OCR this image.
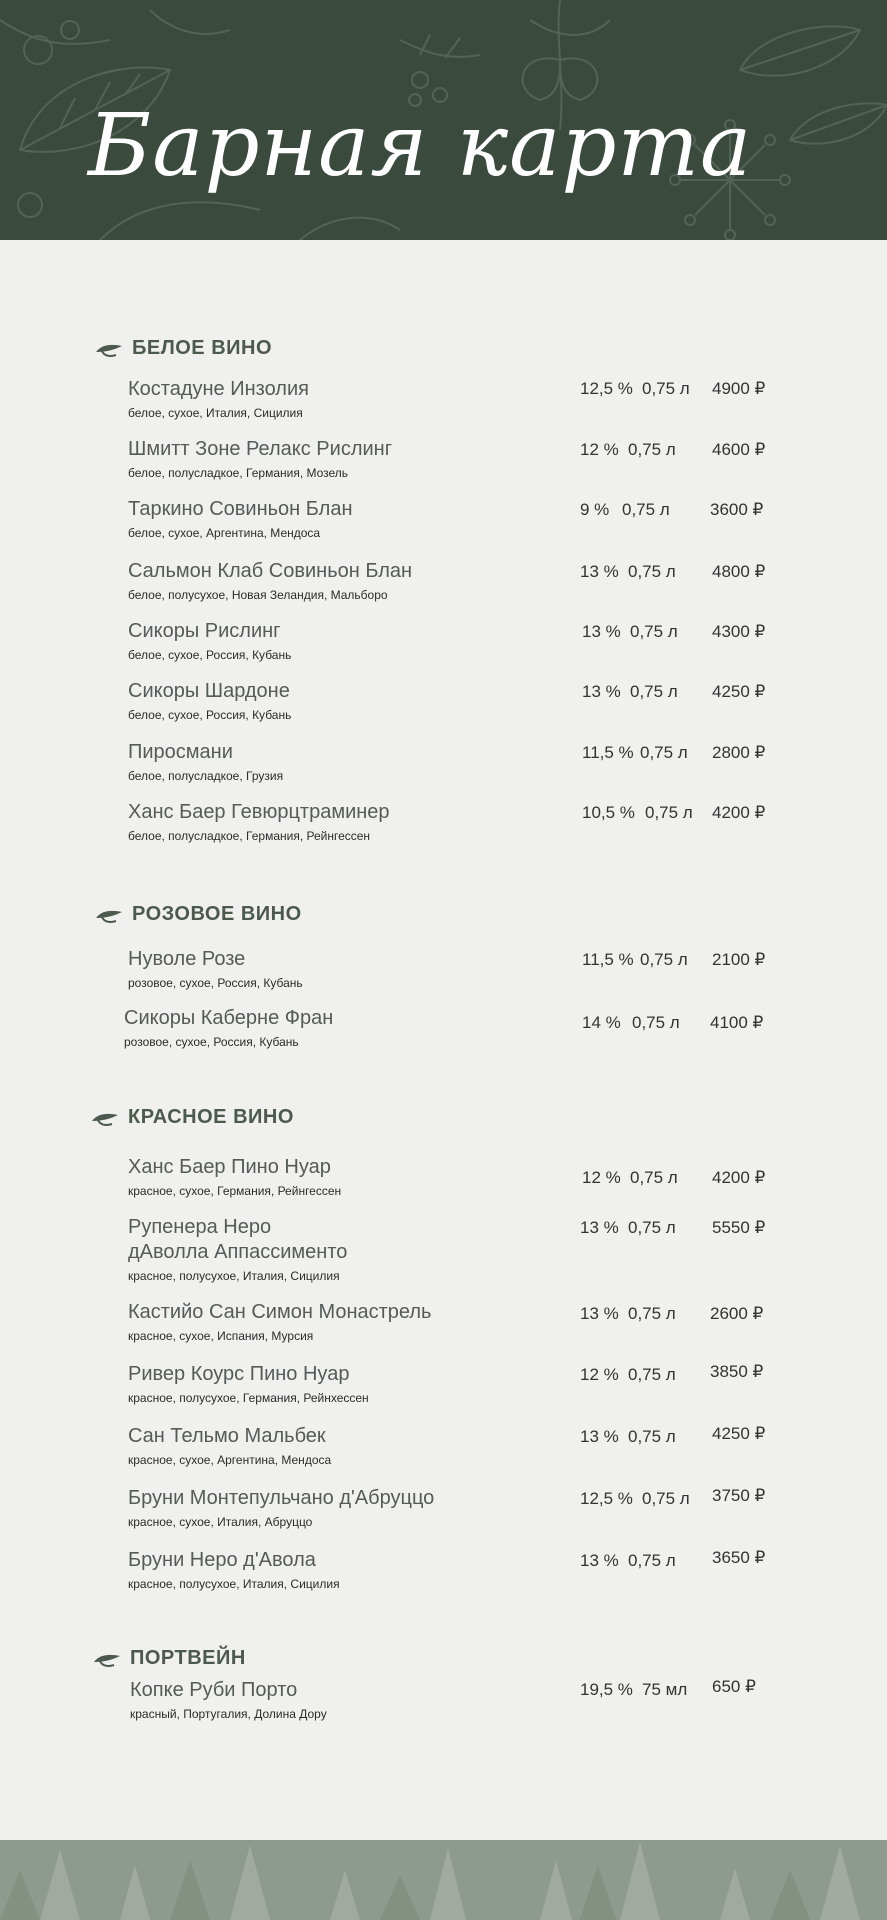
Барная карта
БЕЛОЕ ВИНО
Костадуне Инзолия
белое, сухое, Италия, Сицилия
12,5 % 0,75 л 4900 ₽
Шмитт Зоне Релакс Рислинг
белое, полусладкое, Германия, Мозель
12 % 0,75 л 4600 ₽
Таркино Совиньон Блан
белое, сухое, Аргентина, Мендоса
9 % 0,75 л 3600 ₽
Сальмон Клаб Совиньон Блан
белое, полусухое, Новая Зеландия, Мальборо
13 % 0,75 л 4800 ₽
Сикоры Рислинг
белое, сухое, Россия, Кубань
13 % 0,75 л 4300 ₽
Сикоры Шардоне
белое, сухое, Россия, Кубань
13 % 0,75 л 4250 ₽
Пиросмани
белое, полусладкое, Грузия
11,5 % 0,75 л 2800 ₽
Ханс Баер Гевюрцтраминер
белое, полусладкое, Германия, Рейнгессен
10,5 % 0,75 л 4200 ₽
РОЗОВОЕ ВИНО
Нуволе Розе
розовое, сухое, Россия, Кубань
11,5 % 0,75 л 2100 ₽
Сикоры Каберне Фран
розовое, сухое, Россия, Кубань
14 % 0,75 л 4100 ₽
КРАСНОЕ ВИНО
Ханс Баер Пино Нуар
красное, сухое, Германия, Рейнгессен
12 % 0,75 л 4200 ₽
Рупенера Неро
дАволла Аппассименто
красное, полусухое, Италия, Сицилия
13 % 0,75 л 5550 ₽
Кастийо Сан Симон Монастрель
красное, сухое, Испания, Мурсия
13 % 0,75 л 2600 ₽
Ривер Коурс Пино Нуар
красное, полусухое, Германия, Рейнхессен
12 % 0,75 л 3850 ₽
Сан Тельмо Мальбек
красное, сухое, Аргентина, Мендоса
13 % 0,75 л 4250 ₽
Бруни Монтепульчано д'Абруццо
красное, сухое, Италия, Абруццо
12,5 % 0,75 л 3750 ₽
Бруни Неро д'Авола
красное, полусухое, Италия, Сицилия
13 % 0,75 л 3650 ₽
ПОРТВЕЙН
Копке Руби Порто
красный, Португалия, Долина Дору
19,5 % 75 мл 650 ₽
